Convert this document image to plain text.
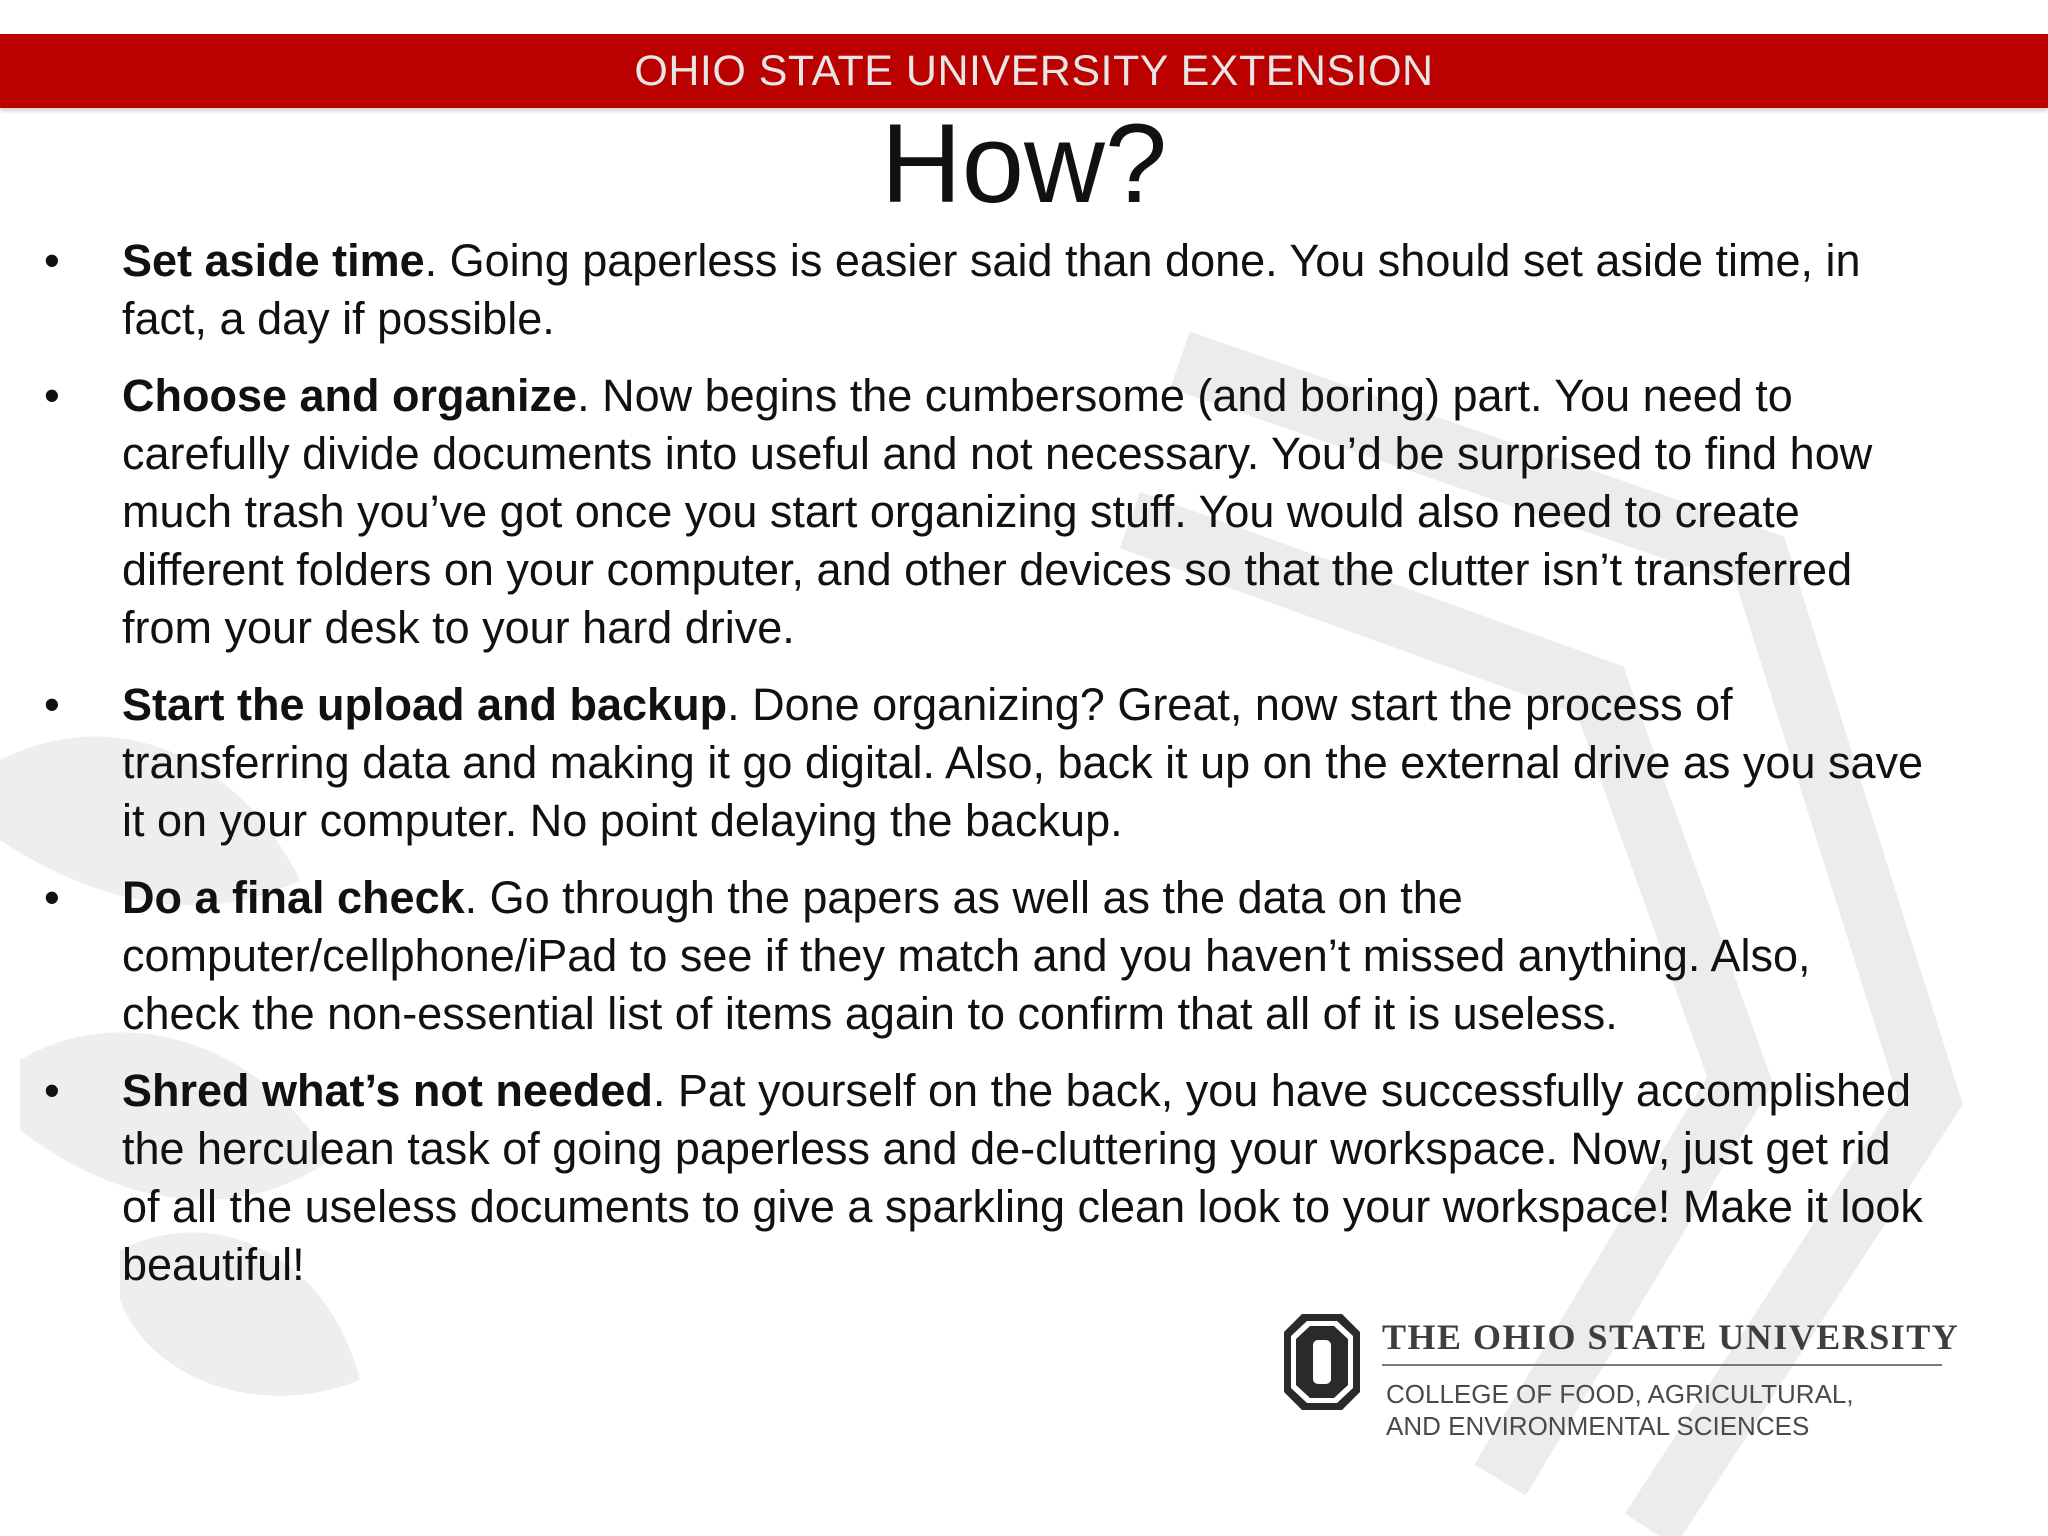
OHIO STATE UNIVERSITY EXTENSION
How?
• Set aside time. Going paperless is easier said than done. You should set aside time, in fact, a day if possible.
• Choose and organize. Now begins the cumbersome (and boring) part. You need to carefully divide documents into useful and not necessary. You’d be surprised to find how much trash you’ve got once you start organizing stuff. You would also need to create different folders on your computer, and other devices so that the clutter isn’t transferred from your desk to your hard drive.
• Start the upload and backup. Done organizing? Great, now start the process of transferring data and making it go digital. Also, back it up on the external drive as you save it on your computer. No point delaying the backup.
• Do a final check. Go through the papers as well as the data on the computer/cellphone/iPad to see if they match and you haven’t missed anything. Also, check the non-essential list of items again to confirm that all of it is useless.
• Shred what’s not needed. Pat yourself on the back, you have successfully accomplished the herculean task of going paperless and de-cluttering your workspace. Now, just get rid of all the useless documents to give a sparkling clean look to your workspace! Make it look beautiful!
THE OHIO STATE UNIVERSITY
COLLEGE OF FOOD, AGRICULTURAL,
AND ENVIRONMENTAL SCIENCES
